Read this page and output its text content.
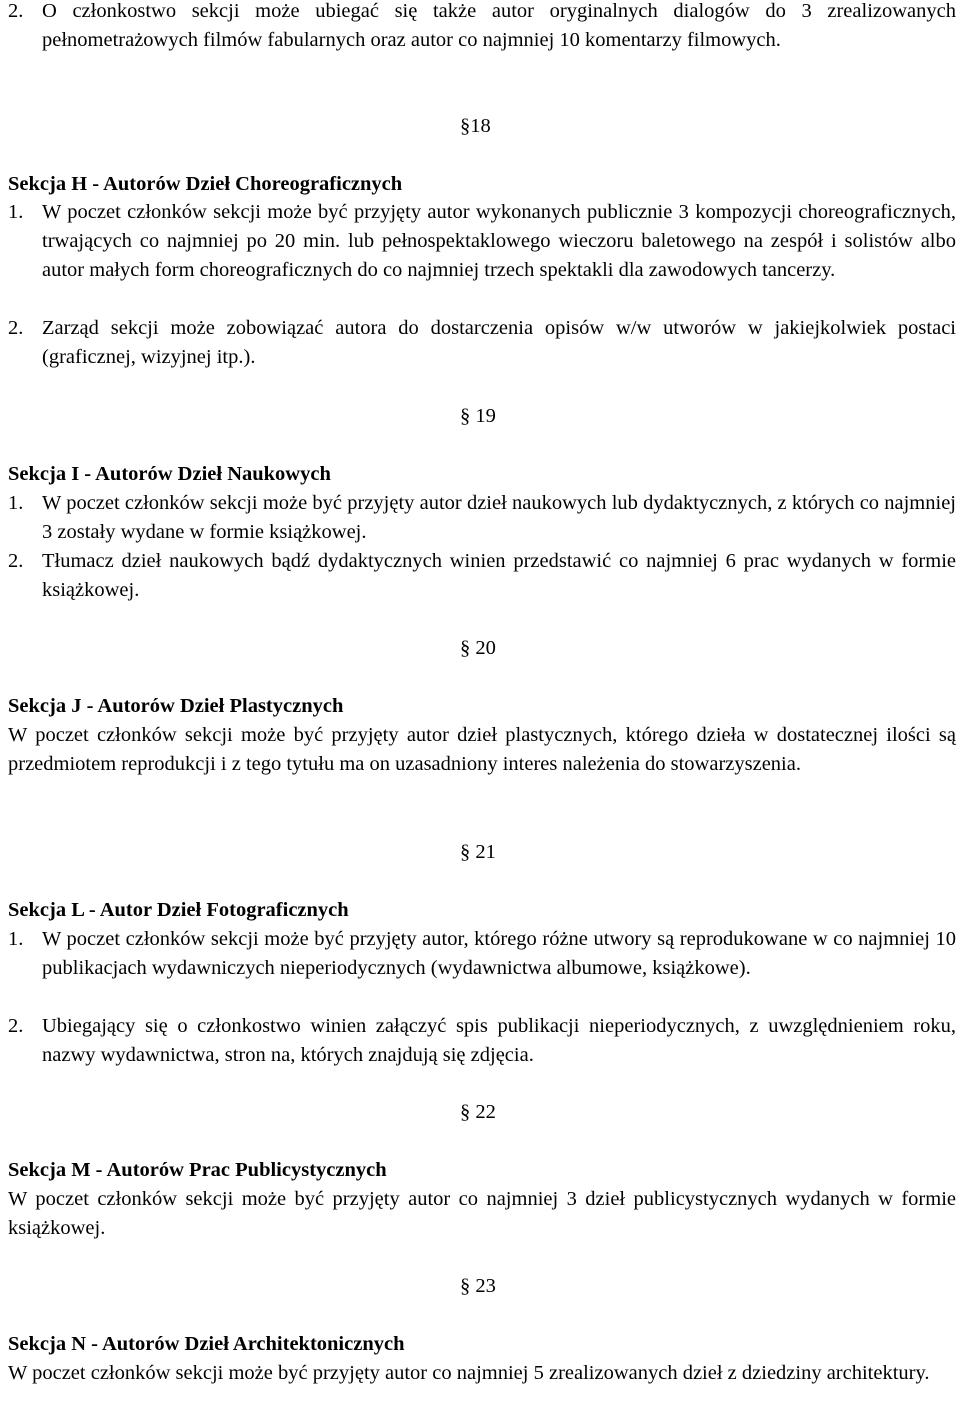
2. O członkostwo sekcji może ubiegać się także autor oryginalnych dialogów do 3 zrealizowanych pełnometrażowych filmów fabularnych oraz autor co najmniej 10 komentarzy filmowych.
§18
Sekcja H - Autorów Dzieł Choreograficznych
1. W poczet członków sekcji może być przyjęty autor wykonanych publicznie 3 kompozycji choreograficznych, trwających co najmniej po 20 min. lub pełnospektaklowego wieczoru baletowego na zespół i solistów albo autor małych form choreograficznych do co najmniej trzech spektakli dla zawodowych tancerzy.
2. Zarząd sekcji może zobowiązać autora do dostarczenia opisów w/w utworów w jakiejkolwiek postaci (graficznej, wizyjnej itp.).
§ 19
Sekcja I - Autorów Dzieł Naukowych
1. W poczet członków sekcji może być przyjęty autor dzieł naukowych lub dydaktycznych, z których co najmniej 3 zostały wydane w formie książkowej.
2. Tłumacz dzieł naukowych bądź dydaktycznych winien przedstawić co najmniej 6 prac wydanych w formie książkowej.
§ 20
Sekcja J - Autorów Dzieł Plastycznych
W poczet członków sekcji może być przyjęty autor dzieł plastycznych, którego dzieła w dostatecznej ilości są przedmiotem reprodukcji i z tego tytułu ma on uzasadniony interes należenia do stowarzyszenia.
§ 21
Sekcja L - Autor Dzieł Fotograficznych
1. W poczet członków sekcji może być przyjęty autor, którego różne utwory są reprodukowane w co najmniej 10 publikacjach wydawniczych nieperiodycznych (wydawnictwa albumowe, książkowe).
2. Ubiegający się o członkostwo winien załączyć spis publikacji nieperiodycznych, z uwzględnieniem roku, nazwy wydawnictwa, stron na, których znajdują się zdjęcia.
§ 22
Sekcja M - Autorów Prac Publicystycznych
W poczet członków sekcji może być przyjęty autor co najmniej 3 dzieł publicystycznych wydanych w formie książkowej.
§ 23
Sekcja N - Autorów Dzieł Architektonicznych
W poczet członków sekcji może być przyjęty autor co najmniej 5 zrealizowanych dzieł z dziedziny architektury.
